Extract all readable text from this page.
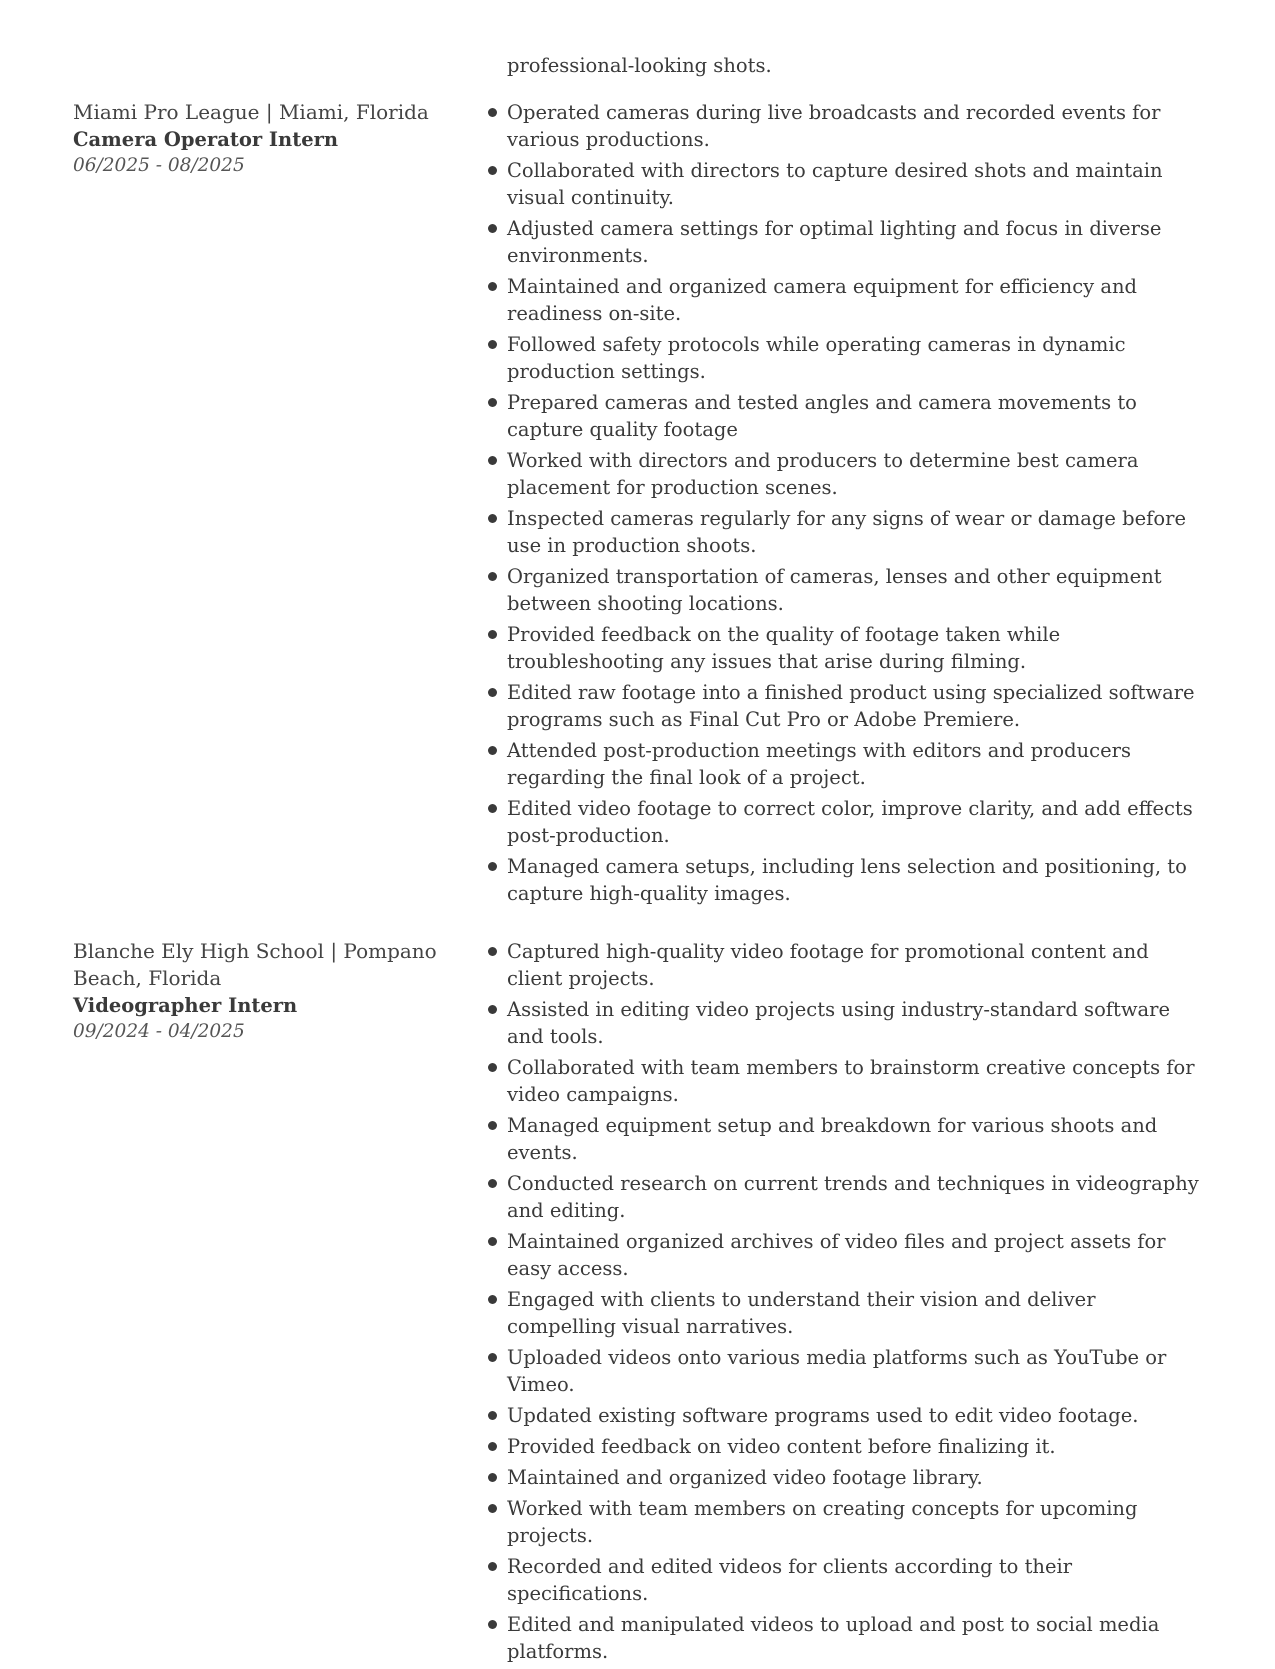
professional-looking shots.
Miami Pro League | Miami, Florida
Camera Operator Intern
06/2025 - 08/2025
Operated cameras during live broadcasts and recorded events for various productions.
Collaborated with directors to capture desired shots and maintain visual continuity.
Adjusted camera settings for optimal lighting and focus in diverse environments.
Maintained and organized camera equipment for efficiency and readiness on-site.
Followed safety protocols while operating cameras in dynamic production settings.
Prepared cameras and tested angles and camera movements to capture quality footage
Worked with directors and producers to determine best camera placement for production scenes.
Inspected cameras regularly for any signs of wear or damage before use in production shoots.
Organized transportation of cameras, lenses and other equipment between shooting locations.
Provided feedback on the quality of footage taken while troubleshooting any issues that arise during filming.
Edited raw footage into a finished product using specialized software programs such as Final Cut Pro or Adobe Premiere.
Attended post-production meetings with editors and producers regarding the final look of a project.
Edited video footage to correct color, improve clarity, and add effects post-production.
Managed camera setups, including lens selection and positioning, to capture high-quality images.
Blanche Ely High School | Pompano Beach, Florida
Videographer Intern
09/2024 - 04/2025
Captured high-quality video footage for promotional content and client projects.
Assisted in editing video projects using industry-standard software and tools.
Collaborated with team members to brainstorm creative concepts for video campaigns.
Managed equipment setup and breakdown for various shoots and events.
Conducted research on current trends and techniques in videography and editing.
Maintained organized archives of video files and project assets for easy access.
Engaged with clients to understand their vision and deliver compelling visual narratives.
Uploaded videos onto various media platforms such as YouTube or Vimeo.
Updated existing software programs used to edit video footage.
Provided feedback on video content before finalizing it.
Maintained and organized video footage library.
Worked with team members on creating concepts for upcoming projects.
Recorded and edited videos for clients according to their specifications.
Edited and manipulated videos to upload and post to social media platforms.
